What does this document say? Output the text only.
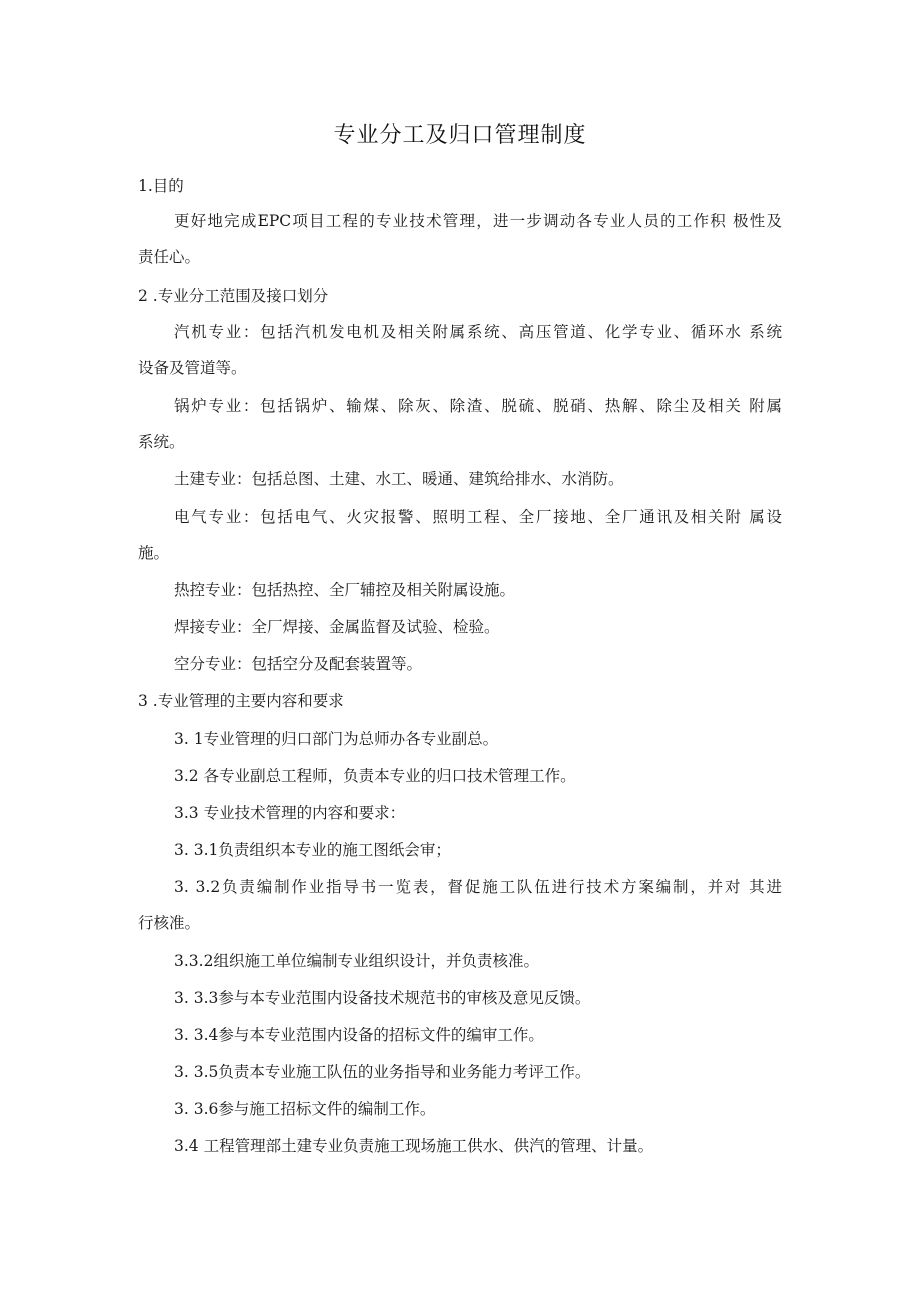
专业分工及归口管理制度
1.目的
更好地完成EPC项目工程的专业技术管理，进一步调动各专业人员的工作积 极性及
责任心。
2 .专业分工范围及接口划分
汽机专业：包括汽机发电机及相关附属系统、高压管道、化学专业、循环水 系统
设备及管道等。
锅炉专业：包括锅炉、输煤、除灰、除渣、脱硫、脱硝、热解、除尘及相关 附属
系统。
土建专业：包括总图、土建、水工、暖通、建筑给排水、水消防。
电气专业：包括电气、火灾报警、照明工程、全厂接地、全厂通讯及相关附 属设
施。
热控专业：包括热控、全厂辅控及相关附属设施。
焊接专业：全厂焊接、金属监督及试验、检验。
空分专业：包括空分及配套装置等。
3 .专业管理的主要内容和要求
3. 1专业管理的归口部门为总师办各专业副总。
3.2 各专业副总工程师，负责本专业的归口技术管理工作。
3.3 专业技术管理的内容和要求：
3. 3.1负责组织本专业的施工图纸会审；
3. 3.2负责编制作业指导书一览表，督促施工队伍进行技术方案编制，并对 其进
行核准。
3.3.2组织施工单位编制专业组织设计，并负责核准。
3. 3.3参与本专业范围内设备技术规范书的审核及意见反馈。
3. 3.4参与本专业范围内设备的招标文件的编审工作。
3. 3.5负责本专业施工队伍的业务指导和业务能力考评工作。
3. 3.6参与施工招标文件的编制工作。
3.4 工程管理部土建专业负责施工现场施工供水、供汽的管理、计量。
